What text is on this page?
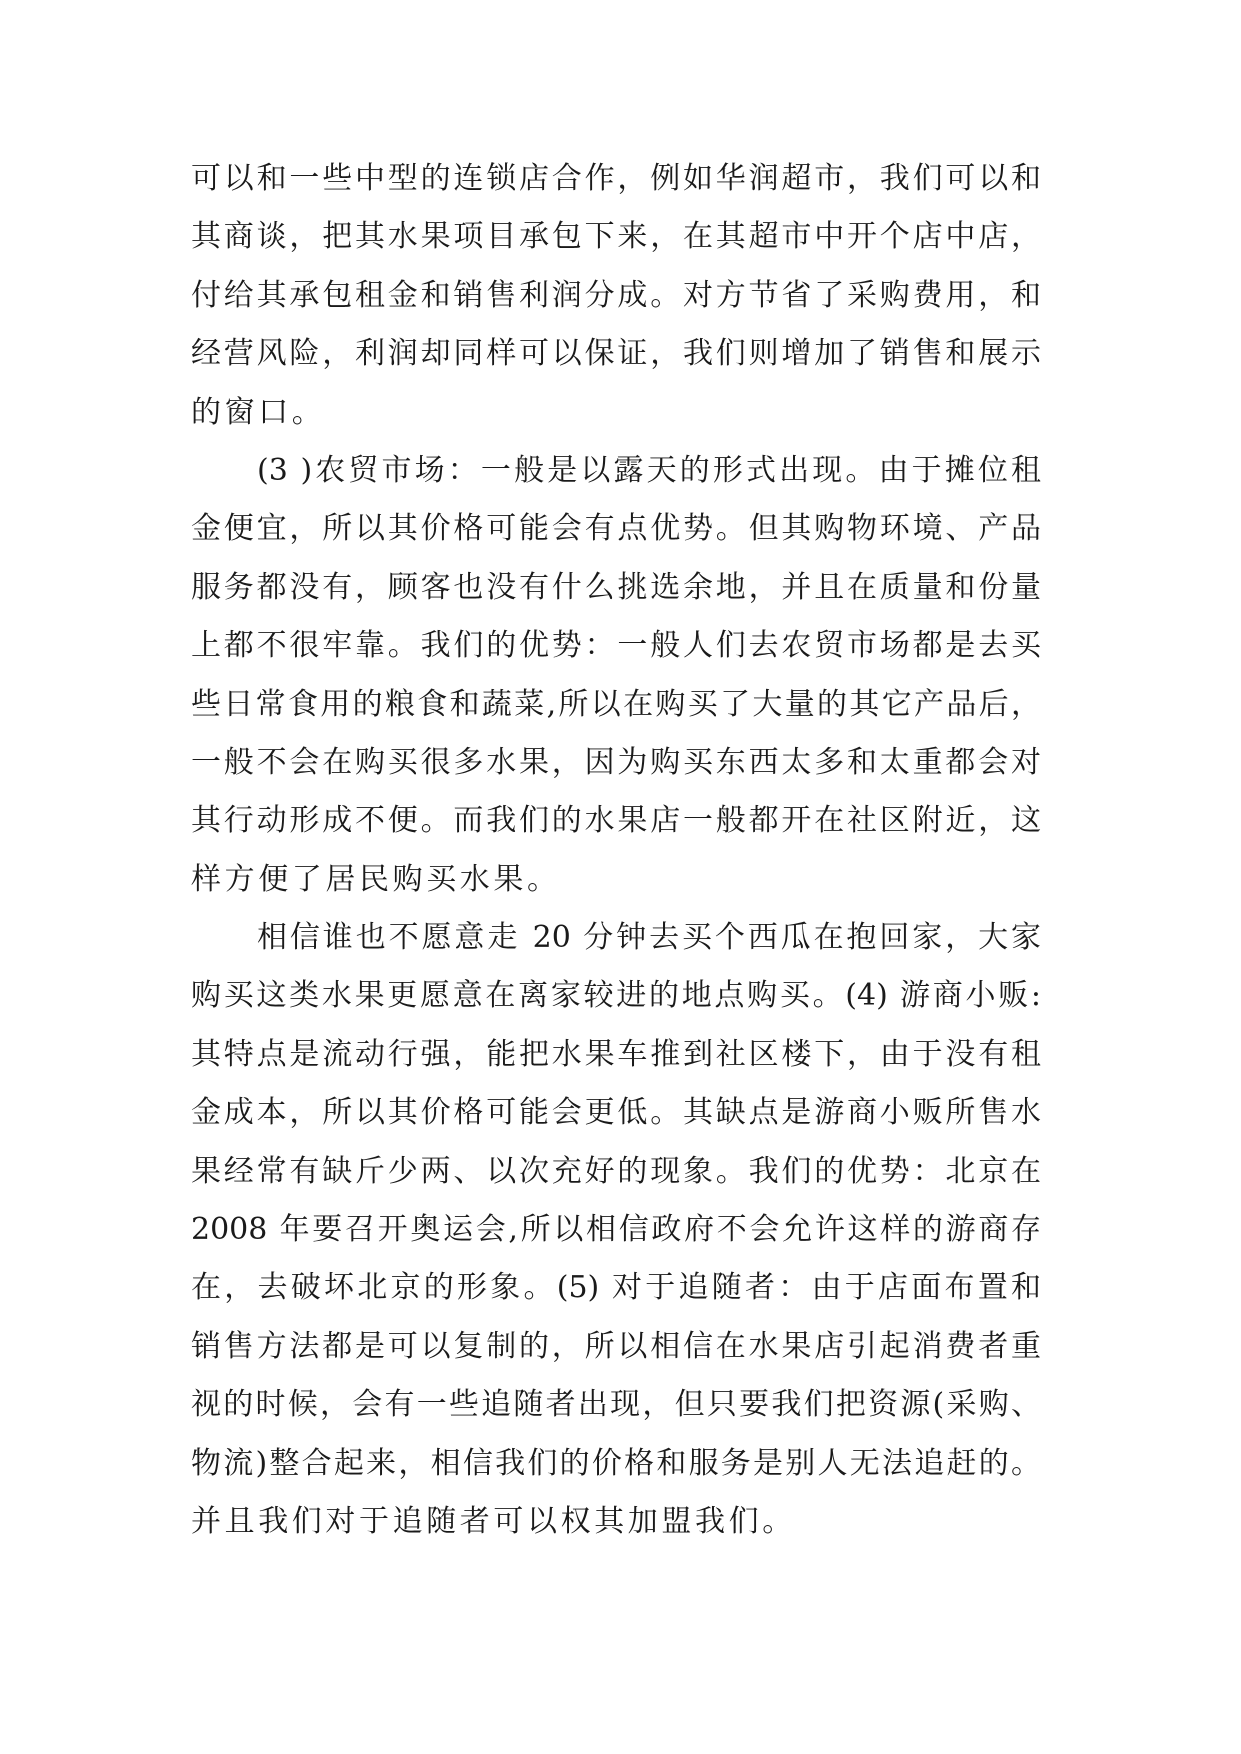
可以和一些中型的连锁店合作，例如华润超市，我们可以和
其商谈，把其水果项目承包下来，在其超市中开个店中店，
付给其承包租金和销售利润分成。对方节省了采购费用，和
经营风险，利润却同样可以保证，我们则增加了销售和展示
的窗口。
(3 )农贸市场：一般是以露天的形式出现。由于摊位租
金便宜，所以其价格可能会有点优势。但其购物环境、产品
服务都没有，顾客也没有什么挑选余地，并且在质量和份量
上都不很牢靠。我们的优势：一般人们去农贸市场都是去买
些日常食用的粮食和蔬菜,所以在购买了大量的其它产品后，
一般不会在购买很多水果，因为购买东西太多和太重都会对
其行动形成不便。而我们的水果店一般都开在社区附近，这
样方便了居民购买水果。
相信谁也不愿意走 20 分钟去买个西瓜在抱回家，大家
购买这类水果更愿意在离家较进的地点购买。(4) 游商小贩:
其特点是流动行强，能把水果车推到社区楼下，由于没有租
金成本，所以其价格可能会更低。其缺点是游商小贩所售水
果经常有缺斤少两、以次充好的现象。我们的优势：北京在
2008 年要召开奥运会,所以相信政府不会允许这样的游商存
在，去破坏北京的形象。(5) 对于追随者：由于店面布置和
销售方法都是可以复制的，所以相信在水果店引起消费者重
视的时候，会有一些追随者出现，但只要我们把资源(采购、
物流)整合起来，相信我们的价格和服务是别人无法追赶的。
并且我们对于追随者可以权其加盟我们。
